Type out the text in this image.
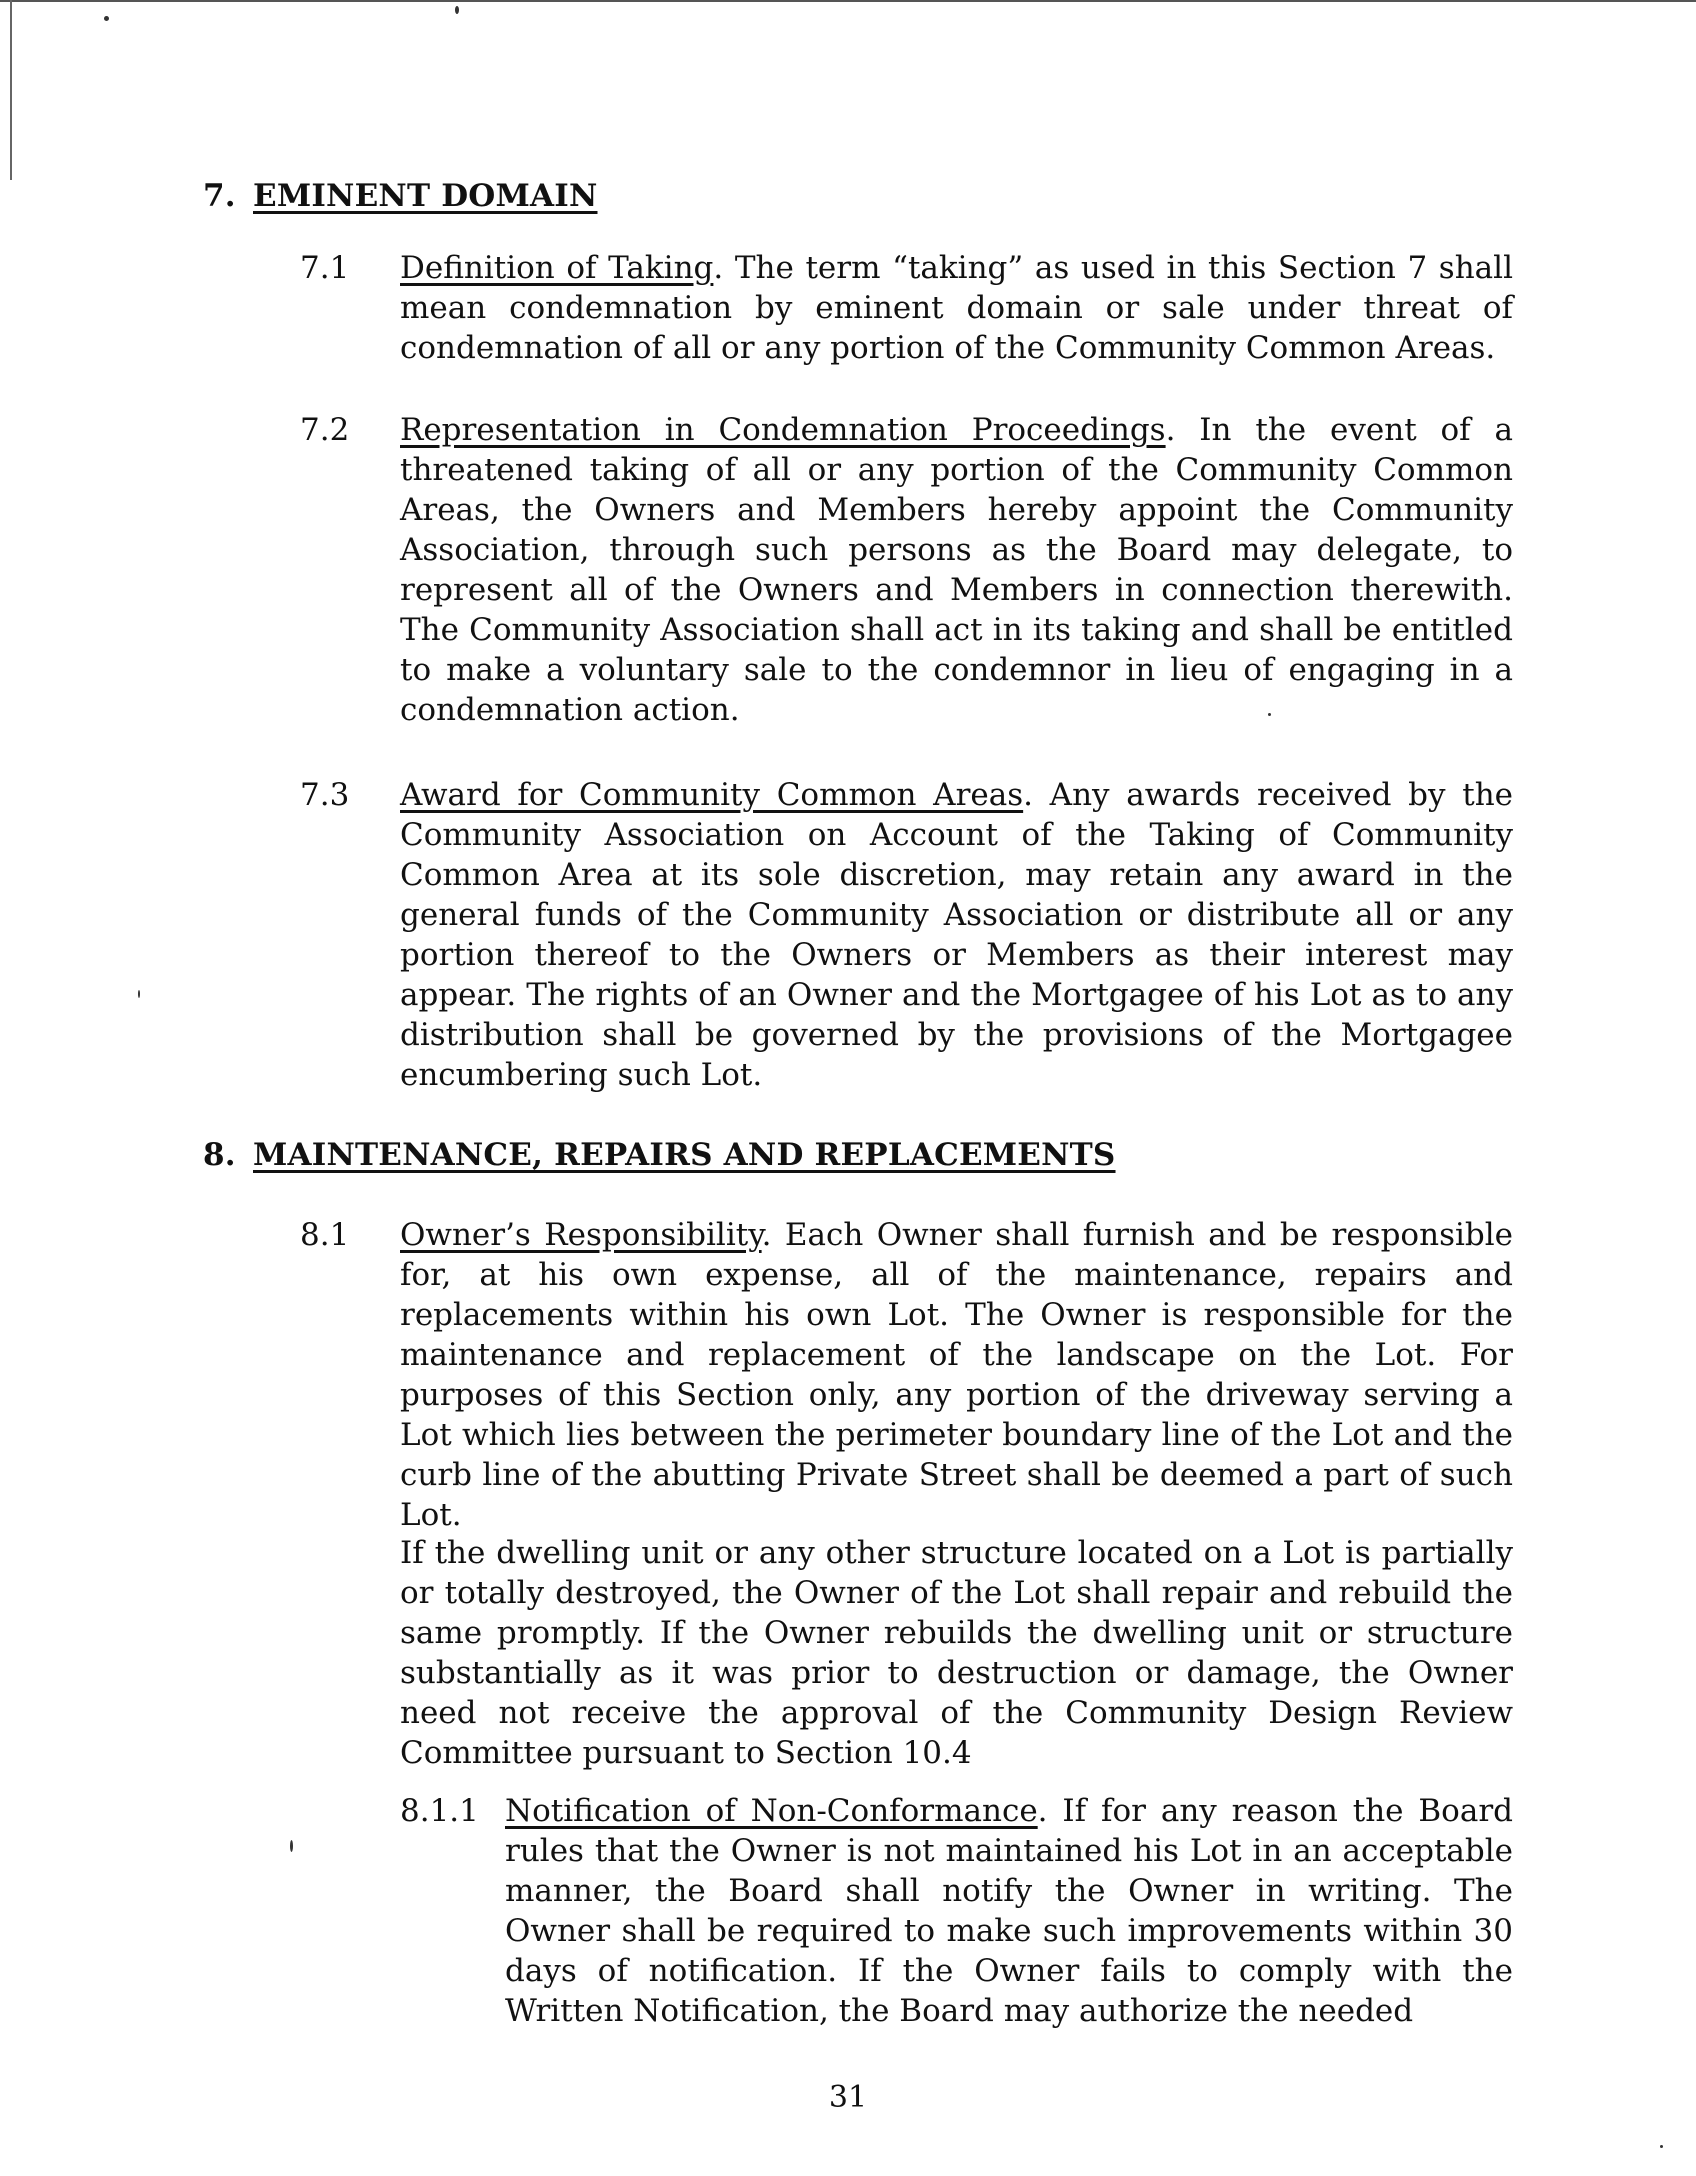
7. EMINENT DOMAIN
7.1 Definition of Taking. The term “taking” as used in this Section 7 shall mean condemnation by eminent domain or sale under threat of condemnation of all or any portion of the Community Common Areas.
7.2 Representation in Condemnation Proceedings. In the event of a threatened taking of all or any portion of the Community Common Areas, the Owners and Members hereby appoint the Community Association, through such persons as the Board may delegate, to represent all of the Owners and Members in connection therewith. The Community Association shall act in its taking and shall be entitled to make a voluntary sale to the condemnor in lieu of engaging in a condemnation action.
7.3 Award for Community Common Areas. Any awards received by the Community Association on Account of the Taking of Community Common Area at its sole discretion, may retain any award in the general funds of the Community Association or distribute all or any portion thereof to the Owners or Members as their interest may appear. The rights of an Owner and the Mortgagee of his Lot as to any distribution shall be governed by the provisions of the Mortgagee encumbering such Lot.
8. MAINTENANCE, REPAIRS AND REPLACEMENTS
8.1 Owner’s Responsibility. Each Owner shall furnish and be responsible for, at his own expense, all of the maintenance, repairs and replacements within his own Lot. The Owner is responsible for the maintenance and replacement of the landscape on the Lot. For purposes of this Section only, any portion of the driveway serving a Lot which lies between the perimeter boundary line of the Lot and the curb line of the abutting Private Street shall be deemed a part of such Lot.
If the dwelling unit or any other structure located on a Lot is partially or totally destroyed, the Owner of the Lot shall repair and rebuild the same promptly. If the Owner rebuilds the dwelling unit or structure substantially as it was prior to destruction or damage, the Owner need not receive the approval of the Community Design Review Committee pursuant to Section 10.4
8.1.1 Notification of Non-Conformance. If for any reason the Board rules that the Owner is not maintained his Lot in an acceptable manner, the Board shall notify the Owner in writing. The Owner shall be required to make such improvements within 30 days of notification. If the Owner fails to comply with the Written Notification, the Board may authorize the needed
31
